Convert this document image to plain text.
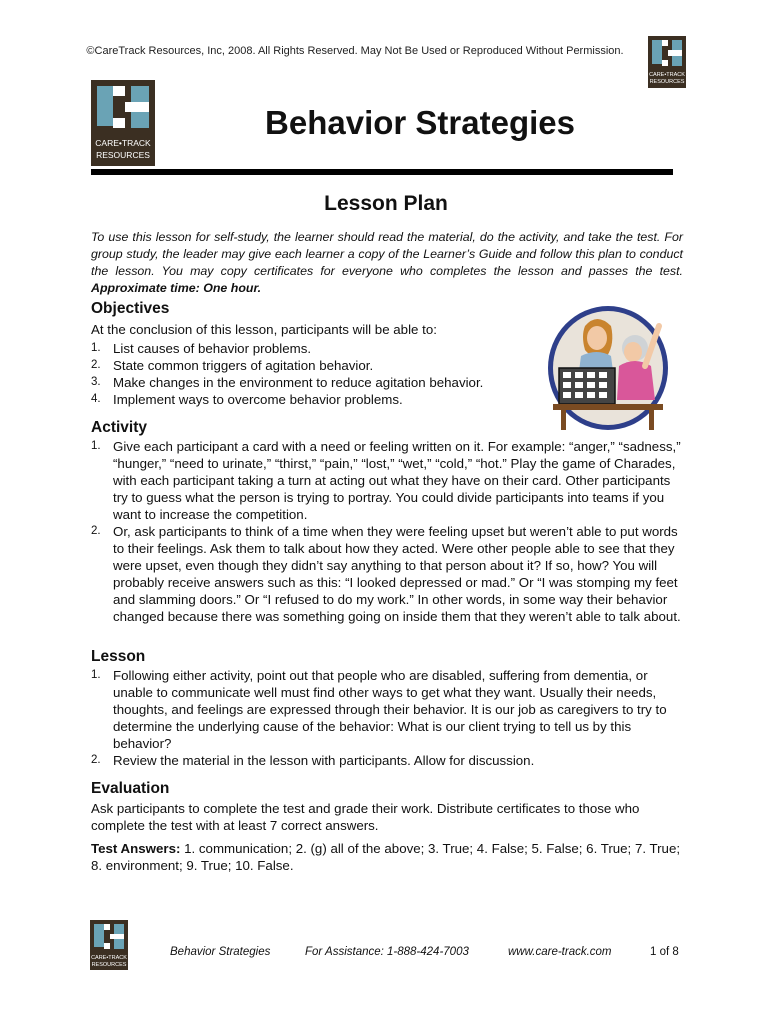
©CareTrack Resources, Inc, 2008. All Rights Reserved. May Not Be Used or Reproduced Without Permission.
CARE•TRACK
RESOURCES
CARE•TRACK
RESOURCES
Behavior Strategies
Lesson Plan

To use this lesson for self-study, the learner should read the material, do the activity, and take the test. For group study, the leader may give each learner a copy of the Learner’s Guide and follow this plan to conduct the lesson. You may copy certificates for everyone who completes the lesson and passes the test. Approximate time: One hour.

Objectives
At the conclusion of this lesson, participants will be able to:
1. List causes of behavior problems.
2. State common triggers of agitation behavior.
3. Make changes in the environment to reduce agitation behavior.
4. Implement ways to overcome behavior problems.
Activity
1. Give each participant a card with a need or feeling written on it. For example: “anger,” “sadness,” “hunger,” “need to urinate,” “thirst,” “pain,” “lost,” “wet,” “cold,” “hot.” Play the game of Charades, with each participant taking a turn at acting out what they have on their card. Other participants try to guess what the person is trying to portray. You could divide participants into teams if you want to increase the competition.
2. Or, ask participants to think of a time when they were feeling upset but weren’t able to put words to their feelings. Ask them to talk about how they acted. Were other people able to see that they were upset, even though they didn’t say anything to that person about it? If so, how? You will probably receive answers such as this: “I looked depressed or mad.” Or “I was stomping my feet and slamming doors.” Or “I refused to do my work.” In other words, in some way their behavior changed because there was something going on inside them that they weren’t able to talk about.
Lesson
1. Following either activity, point out that people who are disabled, suffering from dementia, or unable to communicate well must find other ways to get what they want. Usually their needs, thoughts, and feelings are expressed through their behavior. It is our job as caregivers to try to determine the underlying cause of the behavior: What is our client trying to tell us by this behavior?
2. Review the material in the lesson with participants. Allow for discussion.
Evaluation
Ask participants to complete the test and grade their work. Distribute certificates to those who complete the test with at least 7 correct answers.
Test Answers: 1. communication; 2. (g) all of the above; 3. True; 4. False; 5. False; 6. True; 7. True; 8. environment; 9. True; 10. False.
CARE•TRACK
RESOURCES
Behavior Strategies	For Assistance: 1-888-424-7003	www.care-track.com	1 of 8
